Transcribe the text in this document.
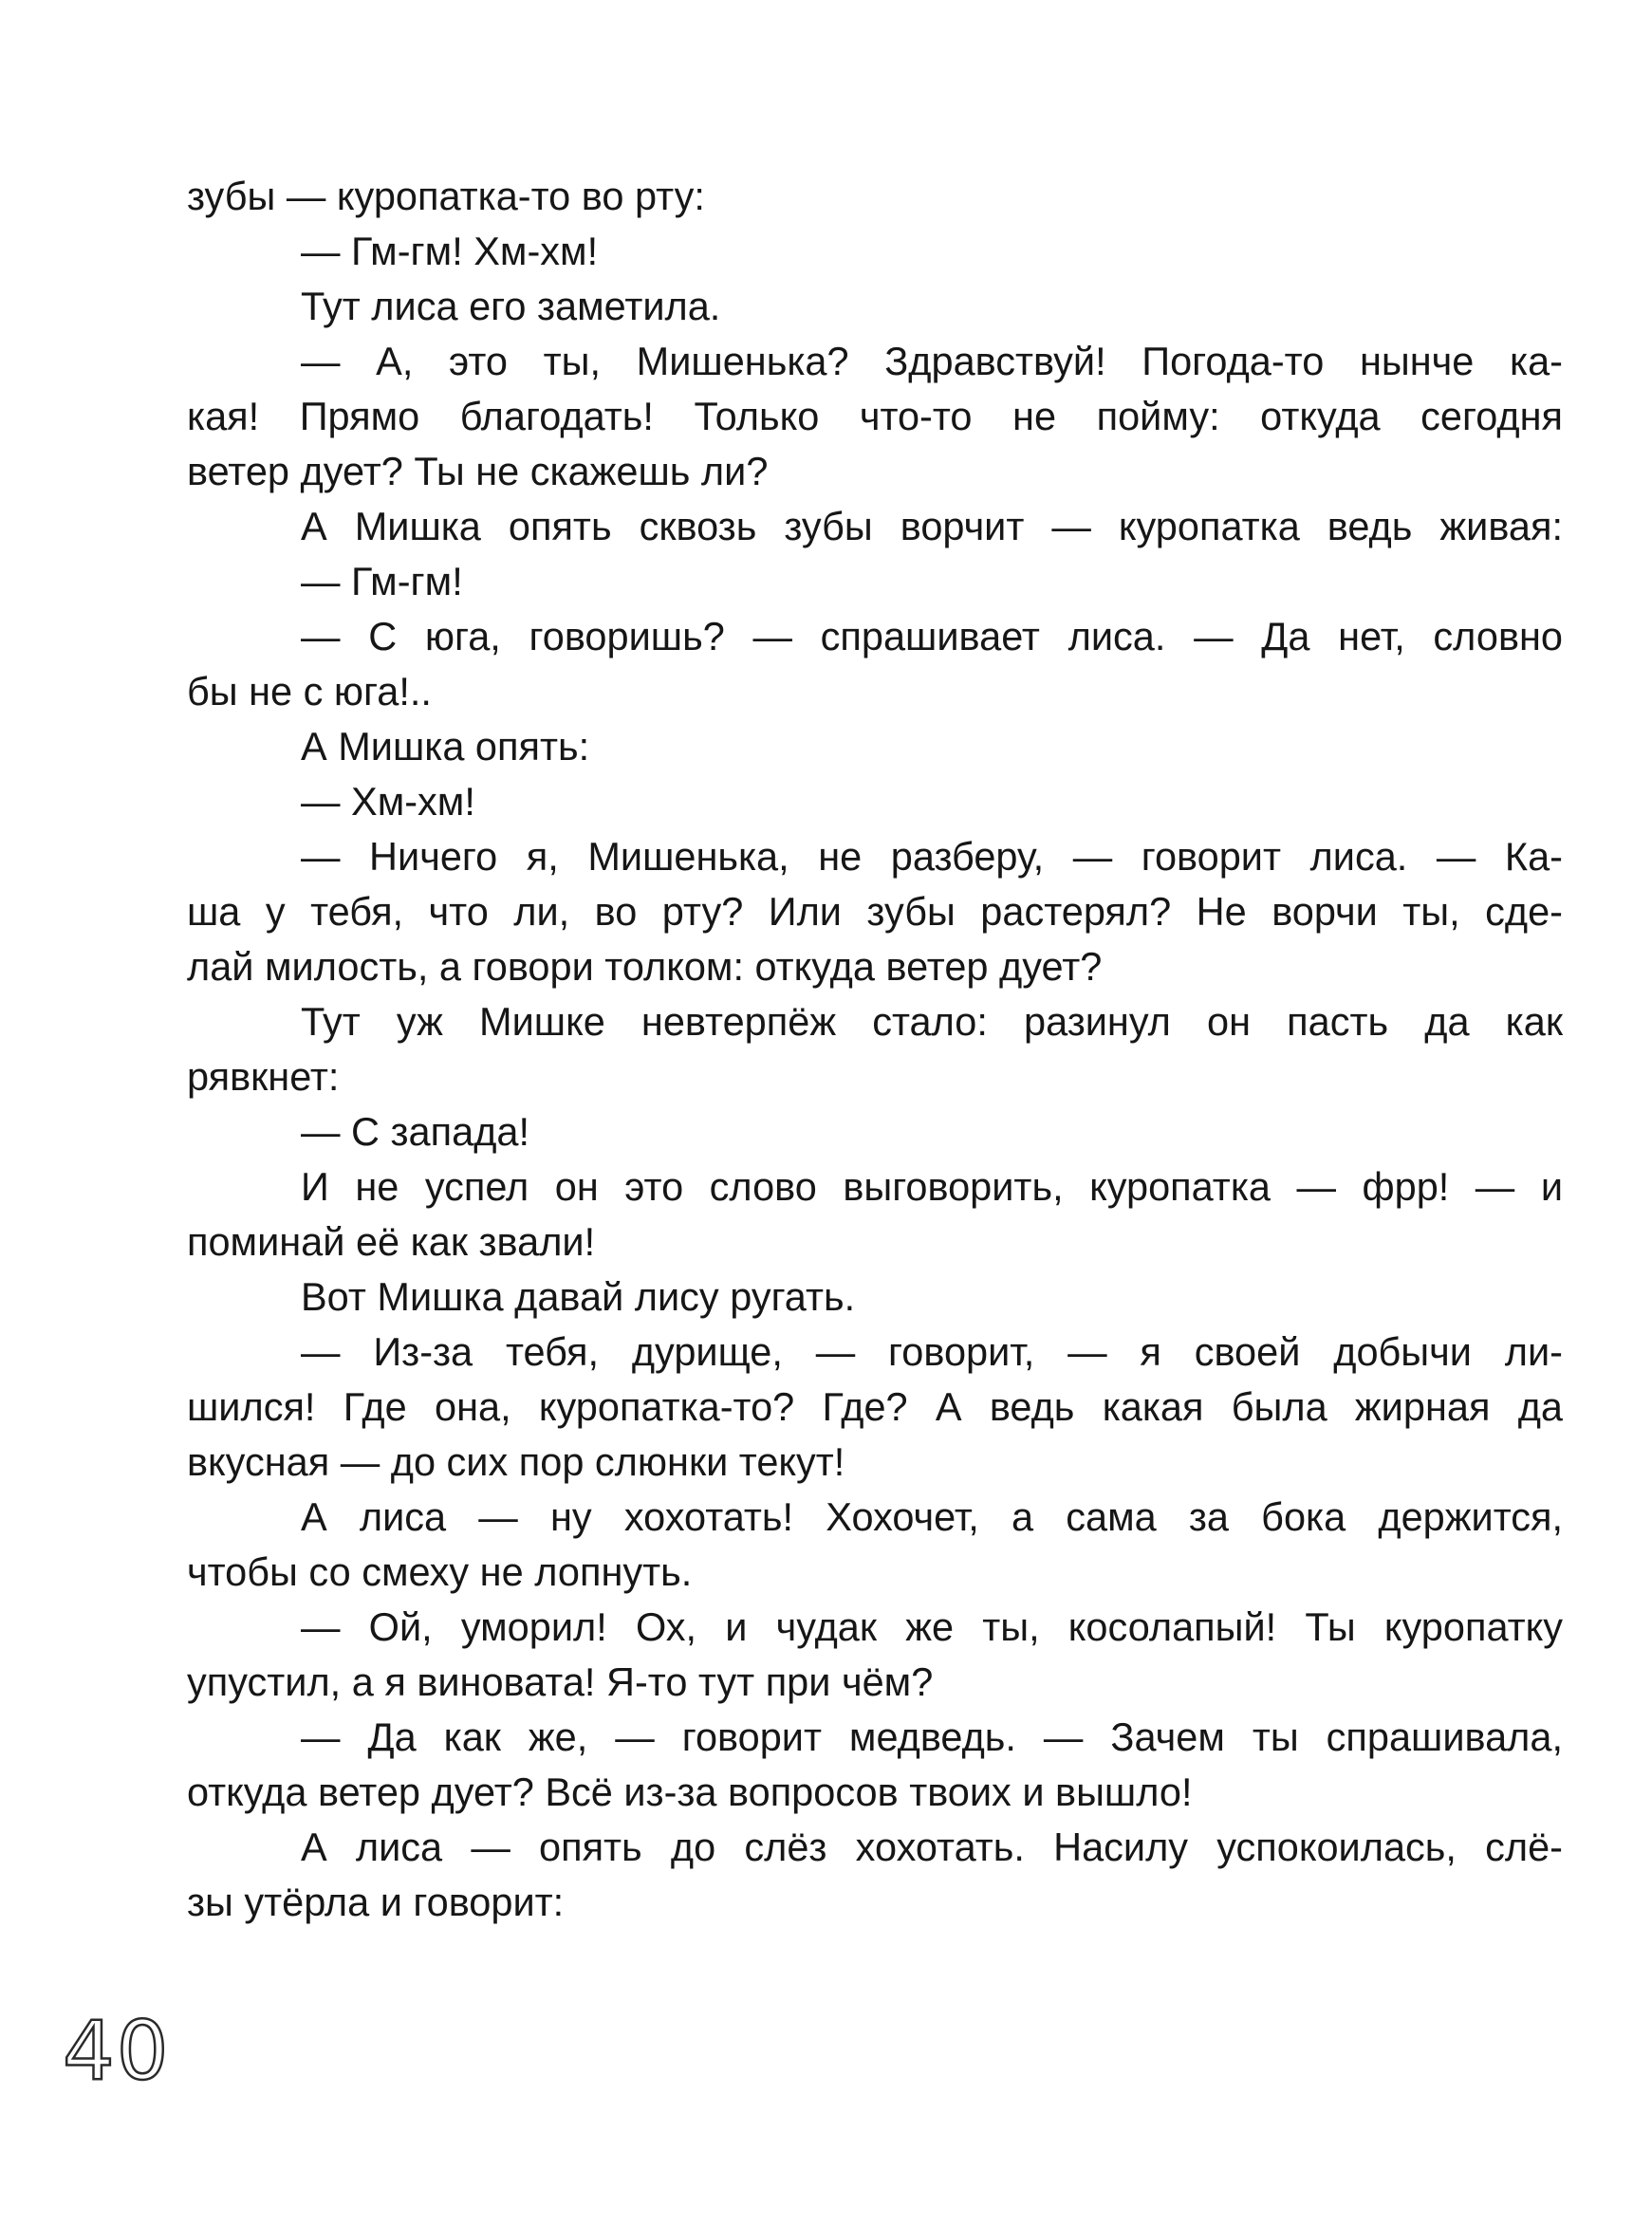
зубы — куропатка-то во рту:
— Гм-гм! Хм-хм!
Тут лиса его заметила.
— А, это ты, Мишенька? Здравствуй! Погода-то нынче ка-
кая! Прямо благодать! Только что-то не пойму: откуда сегодня
ветер дует? Ты не скажешь ли?
А Мишка опять сквозь зубы ворчит — куропатка ведь живая:
— Гм-гм!
— С юга, говоришь? — спрашивает лиса. — Да нет, словно
бы не с юга!..
А Мишка опять:
— Хм-хм!
— Ничего я, Мишенька, не разберу, — говорит лиса. — Ка-
ша у тебя, что ли, во рту? Или зубы растерял? Не ворчи ты, сде-
лай милость, а говори толком: откуда ветер дует?
Тут уж Мишке невтерпёж стало: разинул он пасть да как
рявкнет:
— С запада!
И не успел он это слово выговорить, куропатка — фрр! — и
поминай её как звали!
Вот Мишка давай лису ругать.
— Из-за тебя, дурище, — говорит, — я своей добычи ли-
шился! Где она, куропатка-то? Где? А ведь какая была жирная да
вкусная — до сих пор слюнки текут!
А лиса — ну хохотать! Хохочет, а сама за бока держится,
чтобы со смеху не лопнуть.
— Ой, уморил! Ох, и чудак же ты, косолапый! Ты куропатку
упустил, а я виновата! Я-то тут при чём?
— Да как же, — говорит медведь. — Зачем ты спрашивала,
откуда ветер дует? Всё из-за вопросов твоих и вышло!
А лиса — опять до слёз хохотать. Насилу успокоилась, слё-
зы утёрла и говорит:
40
